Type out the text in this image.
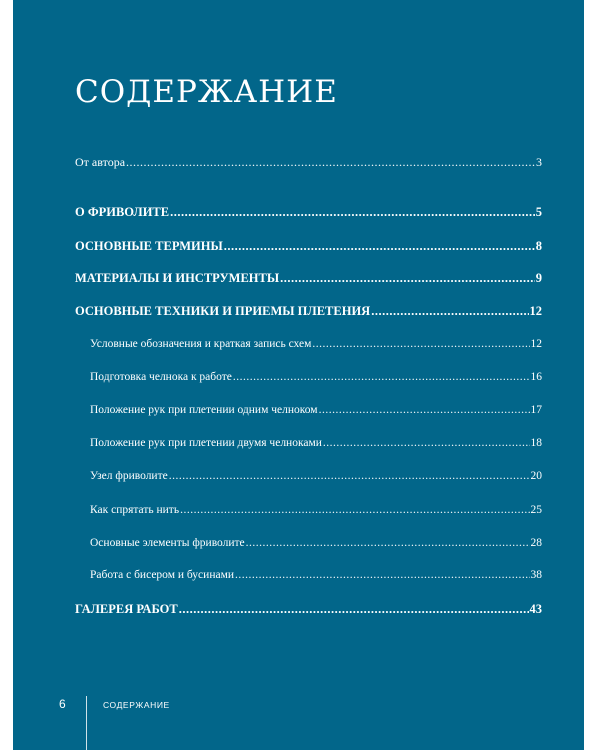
СОДЕРЖАНИЕ
От автора .....	3
О ФРИВОЛИТЕ .....	5
ОСНОВНЫЕ ТЕРМИНЫ .....	8
МАТЕРИАЛЫ И ИНСТРУМЕНТЫ .....	9
ОСНОВНЫЕ ТЕХНИКИ И ПРИЕМЫ ПЛЕТЕНИЯ .....	12
Условные обозначения и краткая запись схем .....	12
Подготовка челнока к работе .....	16
Положение рук при плетении одним челноком .....	17
Положение рук при плетении двумя челноками .....	18
Узел фриволите .....	20
Как спрятать нить .....	25
Основные элементы фриволите .....	28
Работа с бисером и бусинами .....	38
ГАЛЕРЕЯ РАБОТ .....	43
6	СОДЕРЖАНИЕ
